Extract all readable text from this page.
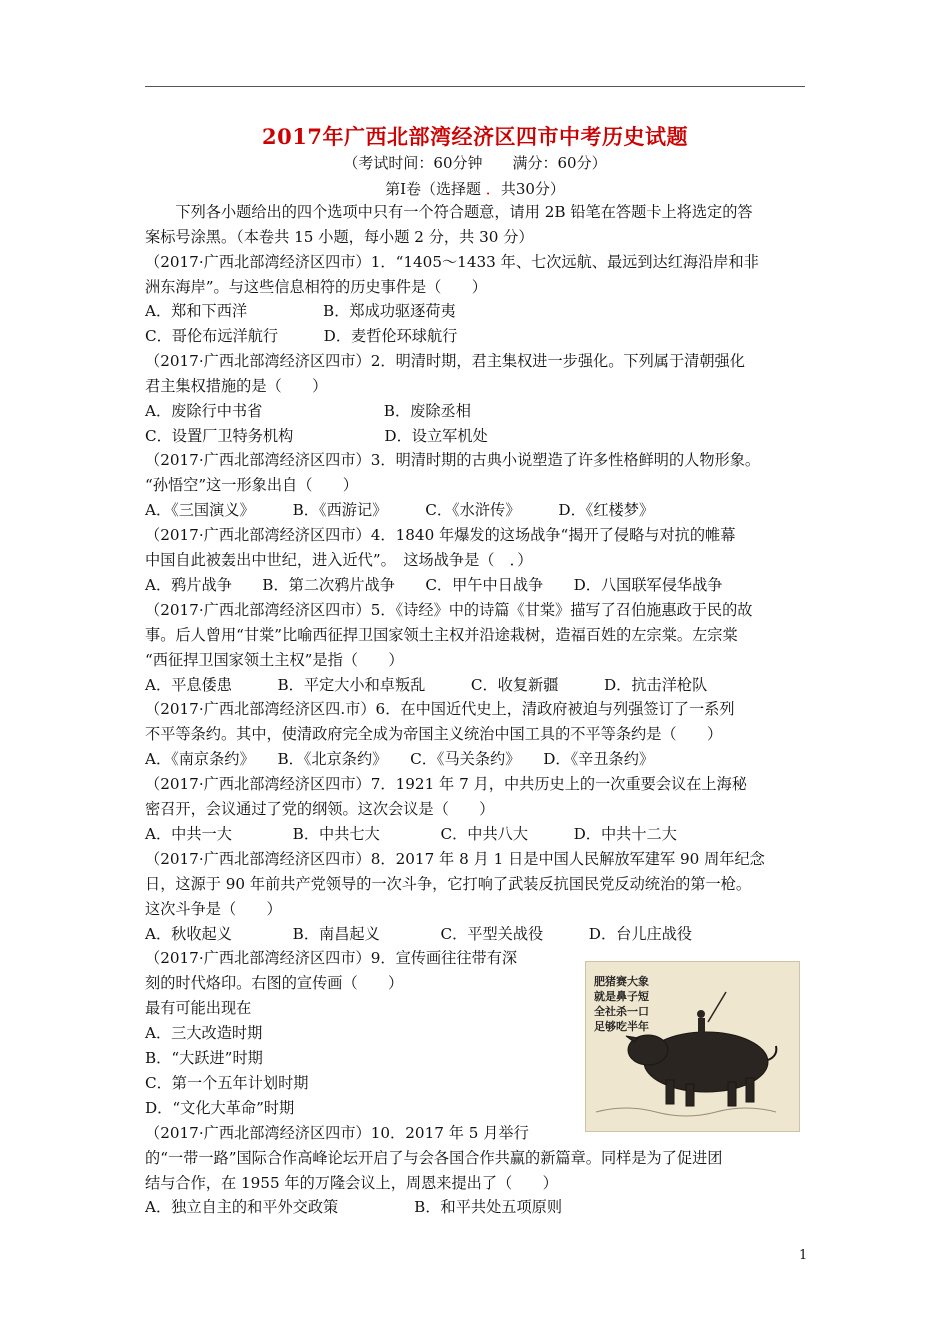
2017年广西北部湾经济区四市中考历史试题
（考试时间：60分钟　　满分：60分）
第Ⅰ卷（选择题 ．共30分）
　　下列各小题给出的四个选项中只有一个符合题意，请用 2B 铅笔在答题卡上将选定的答
案标号涂黑。（本卷共 15 小题，每小题 2 分，共 30 分）
（2017·广西北部湾经济区四市）1．“1405～1433 年、七次远航、最远到达红海沿岸和非
洲东海岸”。与这些信息相符的历史事件是（　　）
A．郑和下西洋　　　　　B．郑成功驱逐荷夷
C．哥伦布远洋航行　　　D．麦哲伦环球航行
（2017·广西北部湾经济区四市）2．明清时期，君主集权进一步强化。下列属于清朝强化
君主集权措施的是（　　）
A．废除行中书省　　　　　　　　B．废除丞相
C．设置厂卫特务机构　　　　　　D．设立军机处
（2017·广西北部湾经济区四市）3．明清时期的古典小说塑造了许多性格鲜明的人物形象。
“孙悟空”这一形象出自（　　）
A．《三国演义》　　　B．《西游记》　　　C．《水浒传》　　　D．《红楼梦》
（2017·广西北部湾经济区四市）4．1840 年爆发的这场战争“揭开了侵略与对抗的帷幕
中国自此被轰出中世纪，进入近代”。　这场战争是（　．）
A．鸦片战争　　B．第二次鸦片战争　　C．甲午中日战争　　D．八国联军侵华战争
（2017·广西北部湾经济区四市）5．《诗经》中的诗篇《甘棠》描写了召伯施惠政于民的故
事。后人曾用“甘棠”比喻西征捍卫国家领土主权并沿途栽树，造福百姓的左宗棠。左宗棠
“西征捍卫国家领土主权”是指（　　）
A．平息倭患　　　B．平定大小和卓叛乱　　　C．收复新疆　　　D．抗击洋枪队
（2017·广西北部湾经济区四.市）6．在中国近代史上，清政府被迫与列强签订了一系列
不平等条约。其中，使清政府完全成为帝国主义统治中国工具的不平等条约是（　　）
A．《南京条约》　　B．《北京条约》　　C．《马关条约》　　D．《辛丑条约》
（2017·广西北部湾经济区四市）7．1921 年 7 月，中共历史上的一次重要会议在上海秘
密召开，会议通过了党的纲领。这次会议是（　　）
A．中共一大　　　　B．中共七大　　　　C．中共八大　　　D．中共十二大
（2017·广西北部湾经济区四市）8．2017 年 8 月 1 日是中国人民解放军建军 90 周年纪念
日，这源于 90 年前共产党领导的一次斗争，它打响了武装反抗国民党反动统治的第一枪。
这次斗争是（　　）
A．秋收起义　　　　B．南昌起义　　　　C．平型关战役　　　D．台儿庄战役
（2017·广西北部湾经济区四市）9．宣传画往往带有深
刻的时代烙印。右图的宣传画（　　）
最有可能出现在
A．三大改造时期
B．“大跃进”时期
C．第一个五年计划时期
D．“文化大革命”时期
（2017·广西北部湾经济区四市）10．2017 年 5 月举行
的“一带一路”国际合作高峰论坛开启了与会各国合作共赢的新篇章。同样是为了促进团
结与合作，在 1955 年的万隆会议上，周恩来提出了（　　）
A．独立自主的和平外交政策　　　　　B．和平共处五项原则
肥猪赛大象
就是鼻子短
全社杀一口
足够吃半年
1
